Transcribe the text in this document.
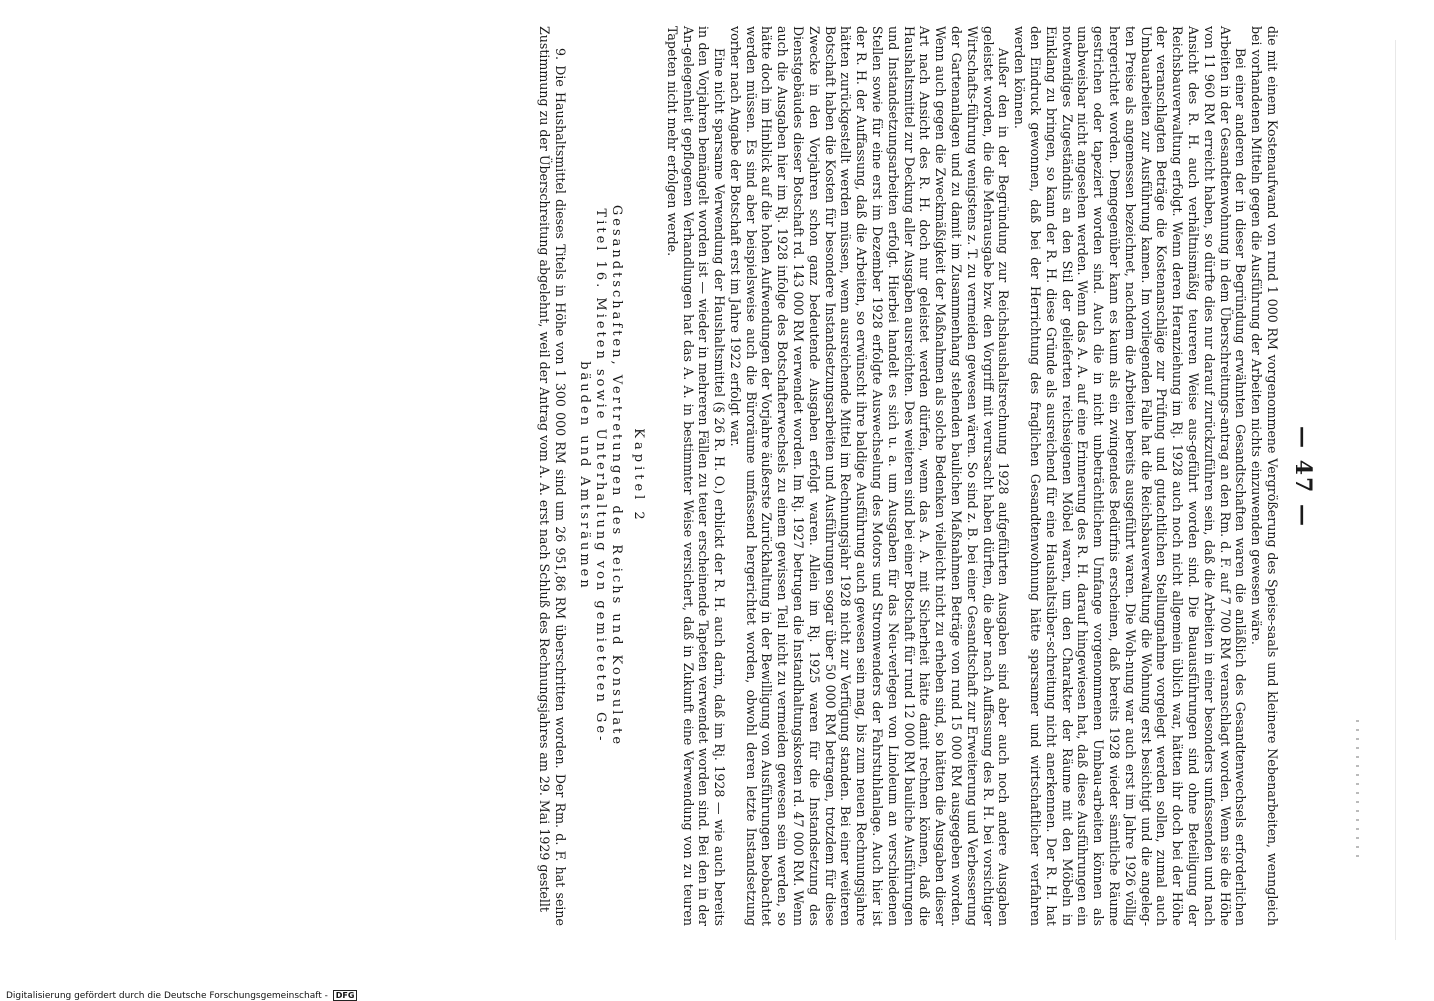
— 47 —

die mit einem Kostenaufwand von rund 1 000 RM vorgenommene Vergrößerung des Speise-saals und kleinere Nebenarbeiten, wenngleich bei vorhandenen Mitteln gegen die Ausführung der Arbeiten nichts einzuwenden gewesen wäre.

Bei einer anderen der in dieser Begründung erwähnten Gesandtschaften waren die anläßlich des Gesandtenwechsels erforderlichen Arbeiten in der Gesandtenwohnung in dem Überschreitungs-antrag an den Rm. d. F. auf 7 700 RM veranschlagt worden. Wenn sie die Höhe von 11 960 RM erreicht haben, so dürfte dies nur darauf zurückzuführen sein, daß die Arbeiten in einer besonders umfassenden und nach Ansicht des R. H. auch verhältnismäßig teureren Weise aus-geführt worden sind. Die Bauausführungen sind ohne Beteiligung der Reichsbauverwaltung erfolgt. Wenn deren Heranziehung im Rj. 1928 auch noch nicht allgemein üblich war, hätten ihr doch bei der Höhe der veranschlagten Beträge die Kostenanschläge zur Prüfung und gutachtlichen Stellungnahme vorgelegt werden sollen, zumal auch Umbauarbeiten zur Ausführung kamen. Im vorliegenden Falle hat die Reichsbauverwaltung die Wohnung erst besichtigt und die angeleg-ten Preise als angemessen bezeichnet, nachdem die Arbeiten bereits ausgeführt waren. Die Woh-nung war auch erst im Jahre 1926 völlig hergerichtet worden. Demgegenüber kann es kaum als ein zwingendes Bedürfnis erscheinen, daß bereits 1928 wieder sämtliche Räume gestrichen oder tapeziert worden sind. Auch die in nicht unbeträchtlichem Umfange vorgenommenen Umbau-arbeiten können als unabweisbar nicht angesehen werden. Wenn das A. A. auf eine Erinnerung des R. H. darauf hingewiesen hat, daß diese Ausführungen ein notwendiges Zugeständnis an den Stil der gelieferten reichseigenen Möbel waren, um den Charakter der Räume mit den Möbeln in Einklang zu bringen, so kann der R. H. diese Gründe als ausreichend für eine Haushaltsüber-schreitung nicht anerkennen. Der R. H. hat den Eindruck gewonnen, daß bei der Herrichtung des fraglichen Gesandtenwohnung hätte sparsamer und wirtschaftlicher verfahren werden können.

Außer den in der Begründung zur Reichshaushaltsrechnung 1928 aufgeführten Ausgaben sind aber auch noch andere Ausgaben geleistet worden, die die Mehrausgabe bzw. den Vorgriff mit verursacht haben dürften, die aber nach Auffassung des R. H. bei vorsichtiger Wirtschafts-führung wenigstens z. T. zu vermeiden gewesen wären. So sind z. B. bei einer Gesandtschaft zur Erweiterung und Verbesserung der Gartenanlagen und zu damit im Zusammenhang stehenden baulichen Maßnahmen Beträge von rund 15 000 RM ausgegeben worden. Wenn auch gegen die Zweckmäßigkeit der Maßnahmen als solche Bedenken vielleicht nicht zu erheben sind, so hätten die Ausgaben dieser Art nach Ansicht des R. H. doch nur geleistet werden dürfen, wenn das A. A. mit Sicherheit hätte damit rechnen können, daß die Haushaltsmittel zur Deckung aller Ausgaben ausreichten. Des weiteren sind bei einer Botschaft für rund 12 000 RM bauliche Ausführungen und Instandsetzungsarbeiten erfolgt. Hierbei handelt es sich u. a. um Ausgaben für das Neu-verlegen von Linoleum an verschiedenen Stellen sowie für eine erst im Dezember 1928 erfolgte Auswechselung des Motors und Stromwenders der Fahrstuhlanlage. Auch hier ist der R. H. der Auffassung, daß die Arbeiten, so erwünscht ihre baldige Ausführung auch gewesen sein mag, bis zum neuen Rechnungsjahre hätten zurückgestellt werden müssen, wenn ausreichende Mittel im Rechnungsjahr 1928 nicht zur Verfügung standen. Bei einer weiteren Botschaft haben die Kosten für besondere Instandsetzungsarbeiten und Ausführungen sogar über 50 000 RM betragen, trotzdem für diese Zwecke in den Vorjahren schon ganz bedeutende Ausgaben erfolgt waren. Allein im Rj. 1925 waren für die Instandsetzung des Dienstgebäudes dieser Botschaft rd. 143 000 RM verwendet worden. Im Rj. 1927 betrugen die Instandhaltungskosten rd. 47 000 RM. Wenn auch die Ausgaben hier im Rj. 1928 infolge des Botschafterwechsels zu einem gewissen Teil nicht zu vermeiden gewesen sein werden, so hätte doch im Hinblick auf die hohen Aufwendungen der Vorjahre äußerste Zurückhaltung in der Bewilligung von Ausführungen beobachtet werden müssen. Es sind aber beispielsweise auch die Büroräume umfassend hergerichtet worden, obwohl deren letzte Instandsetzung vorher nach Angabe der Botschaft erst im Jahre 1922 erfolgt war.

Eine nicht sparsame Verwendung der Haushaltsmittel (§ 26 R. H. O.) erblickt der R. H. auch darin, daß im Rj. 1928 — wie auch bereits in den Vorjahren bemängelt worden ist — wieder in mehreren Fällen zu teuer erscheinende Tapeten verwendet worden sind. Bei den in der An-gelegenheit gepflogenen Verhandlungen hat das A. A. in bestimmter Weise versichert, daß in Zukunft eine Verwendung von zu teuren Tapeten nicht mehr erfolgen werde.

Kapitel 2
Gesandtschaften, Vertretungen des Reichs und Konsulate
Titel 16. Mieten sowie Unterhaltung von gemieteten Ge-
bäuden und Amtsräumen

9. Die Haushaltsmittel dieses Titels in Höhe von 1 300 000 RM sind um 26 951,86 RM überschritten worden. Der Rm. d. F. hat seine Zustimmung zu der Überschreitung abgelehnt, weil der Antrag vom A. A. erst nach Schluß des Rechnungsjahres am 29. Mai 1929 gestellt

Digitalisierung gefördert durch die Deutsche Forschungsgemeinschaft - DFG
